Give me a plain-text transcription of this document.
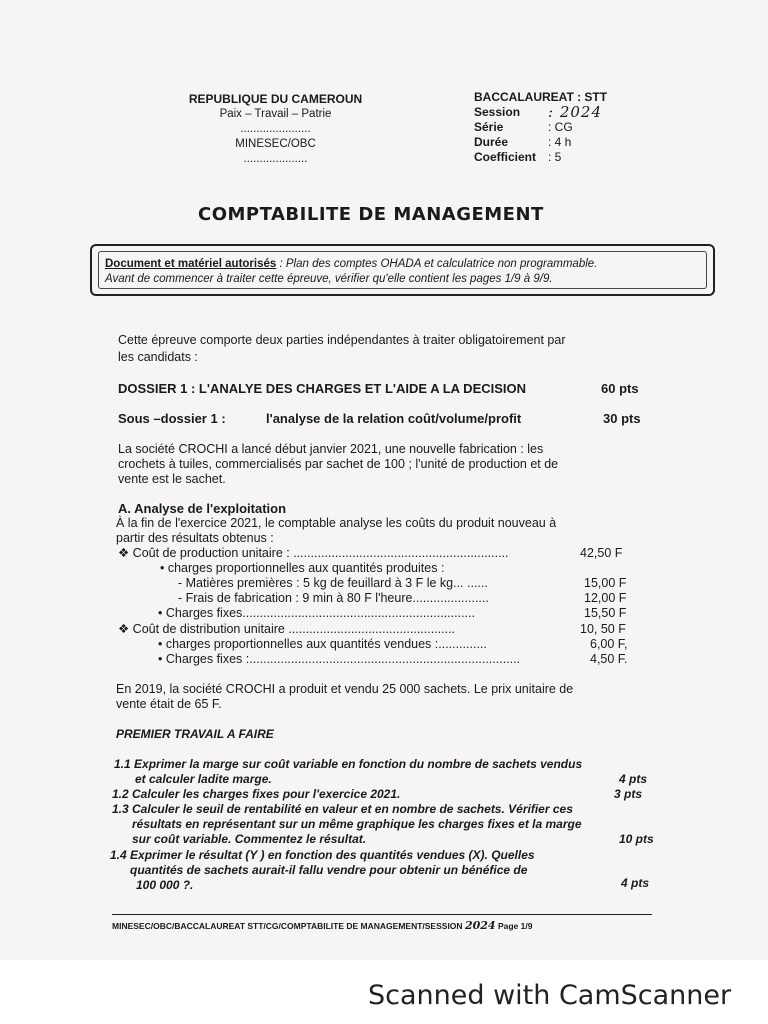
REPUBLIQUE DU CAMEROUN
Paix – Travail – Patrie
......................
MINESEC/OBC
....................
BACCALAUREAT : STT
Session	: 2024
Série	: CG
Durée	: 4 h
Coefficient : 5
COMPTABILITE DE MANAGEMENT
Document et matériel autorisés : Plan des comptes OHADA et calculatrice non programmable.
Avant de commencer à traiter cette épreuve, vérifier qu'elle contient les pages 1/9 à 9/9.
Cette épreuve comporte deux parties indépendantes à traiter obligatoirement par
les candidats :
DOSSIER 1 : L'ANALYE DES CHARGES ET L'AIDE A LA DECISION	60 pts
Sous –dossier 1 :	l'analyse de la relation coût/volume/profit	30 pts
La société CROCHI a lancé début janvier 2021, une nouvelle fabrication : les
crochets à tuiles, commercialisés par sachet de 100 ; l'unité de production et de
vente est le sachet.
A. Analyse de l'exploitation
À la fin de l'exercice 2021, le comptable analyse les coûts du produit nouveau à
partir des résultats obtenus :
❖ Coût de production unitaire : ..............................................................	42,50 F
• charges proportionnelles aux quantités produites :
- Matières premières : 5 kg de feuillard à 3 F le kg... ......	15,00 F
- Frais de fabrication : 9 min à 80 F l'heure......................	12,00 F
• Charges fixes...................................................................	15,50 F
❖ Coût de distribution unitaire ................................................	10, 50 F
• charges proportionnelles aux quantités vendues :..............	6,00 F,
• Charges fixes :..............................................................................	4,50 F.
En 2019, la société CROCHI a produit et vendu 25 000 sachets. Le prix unitaire de
vente était de 65 F.
PREMIER TRAVAIL A FAIRE
1.1 Exprimer la marge sur coût variable en fonction du nombre de sachets vendus
et calculer ladite marge.	4 pts
1.2 Calculer les charges fixes pour l'exercice 2021.	3 pts
1.3 Calculer le seuil de rentabilité en valeur et en nombre de sachets. Vérifier ces
résultats en représentant sur un même graphique les charges fixes et la marge
sur coût variable. Commentez le résultat.	10 pts
1.4 Exprimer le résultat (Y ) en fonction des quantités vendues (X). Quelles
quantités de sachets aurait-il fallu vendre pour obtenir un bénéfice de
100 000 ?.	4 pts
MINESEC/OBC/BACCALAUREAT STT/CG/COMPTABILITE DE MANAGEMENT/SESSION 2024 Page 1/9
Scanned with CamScanner
